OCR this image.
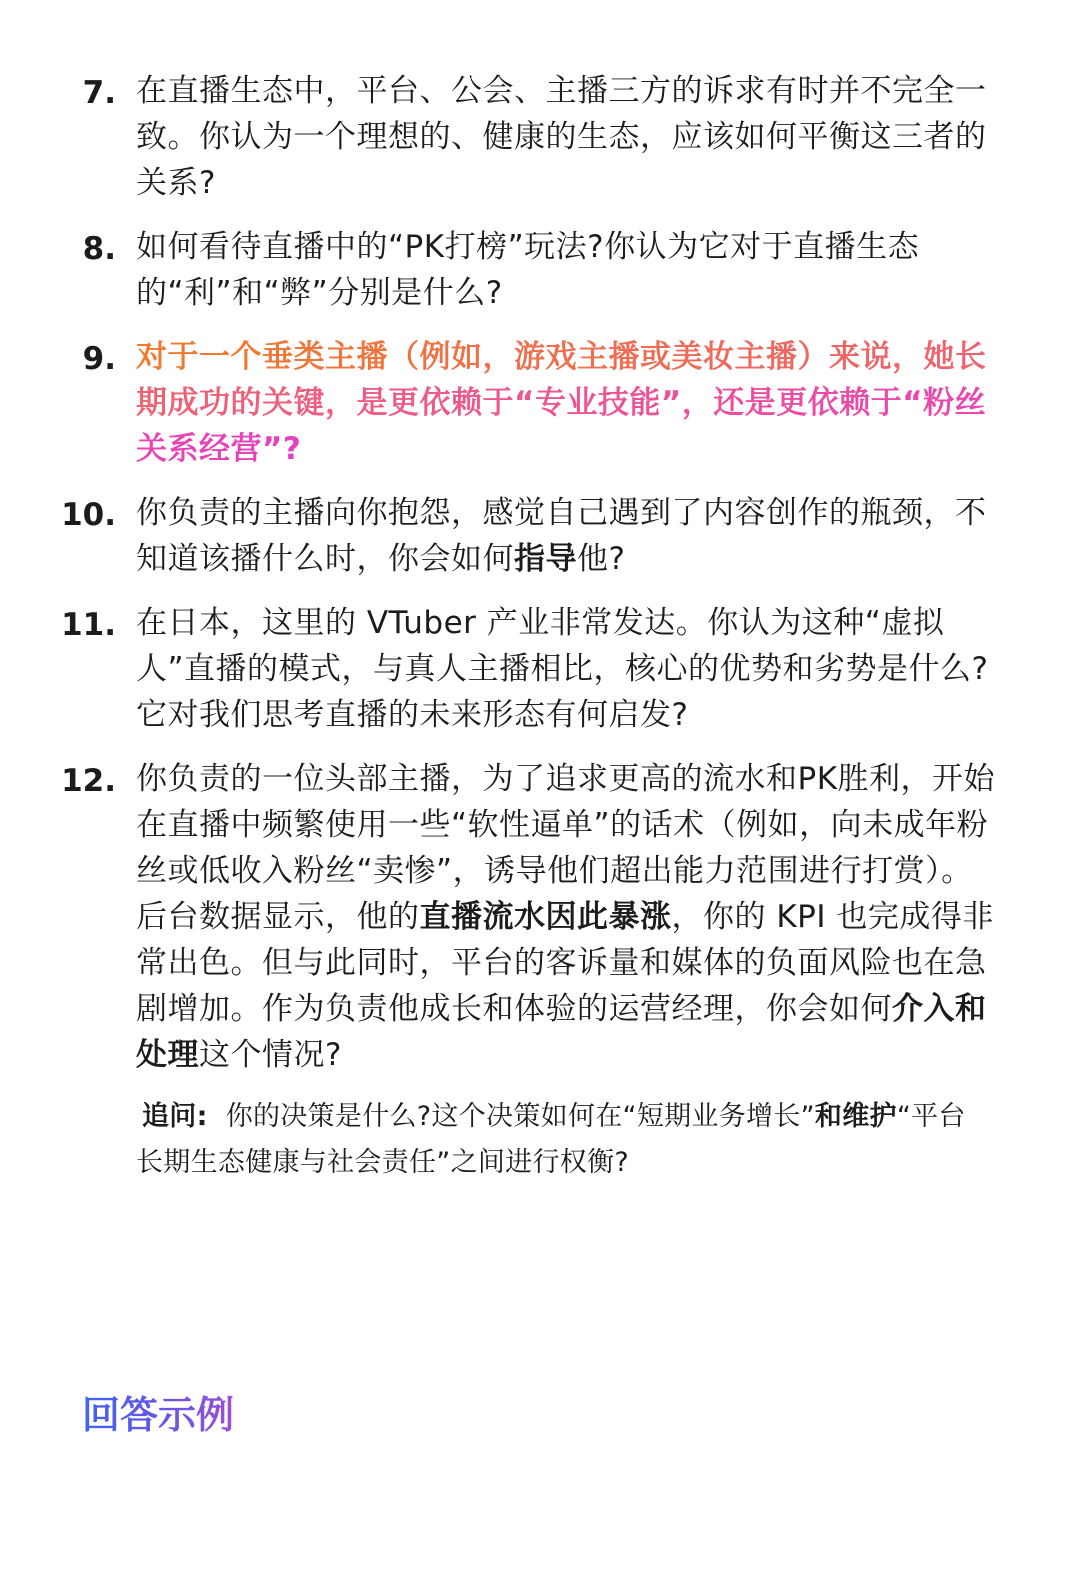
7. 在直播生态中，平台、公会、主播三方的诉求有时并不完全一致。你认为一个理想的、健康的生态，应该如何平衡这三者的关系?
8. 如何看待直播中的“PK打榜”玩法?你认为它对于直播生态的“利”和“弊”分别是什么?
9. 对于一个垂类主播（例如，游戏主播或美妆主播）来说，她长期成功的关键，是更依赖于“专业技能”，还是更依赖于“粉丝关系经营”?
10. 你负责的主播向你抱怨，感觉自己遇到了内容创作的瓶颈，不知道该播什么时，你会如何指导他?
11. 在日本，这里的 VTuber 产业非常发达。你认为这种“虚拟人”直播的模式，与真人主播相比，核心的优势和劣势是什么?它对我们思考直播的未来形态有何启发?
12. 你负责的一位头部主播，为了追求更高的流水和PK胜利，开始在直播中频繁使用一些“软性逼单”的话术（例如，向未成年粉丝或低收入粉丝“卖惨”，诱导他们超出能力范围进行打赏）。后台数据显示，他的直播流水因此暴涨，你的 KPI 也完成得非常出色。但与此同时，平台的客诉量和媒体的负面风险也在急剧增加。作为负责他成长和体验的运营经理，你会如何介入和处理这个情况?
追问: 你的决策是什么?这个决策如何在“短期业务增长”和维护“平台长期生态健康与社会责任”之间进行权衡?
回答示例
